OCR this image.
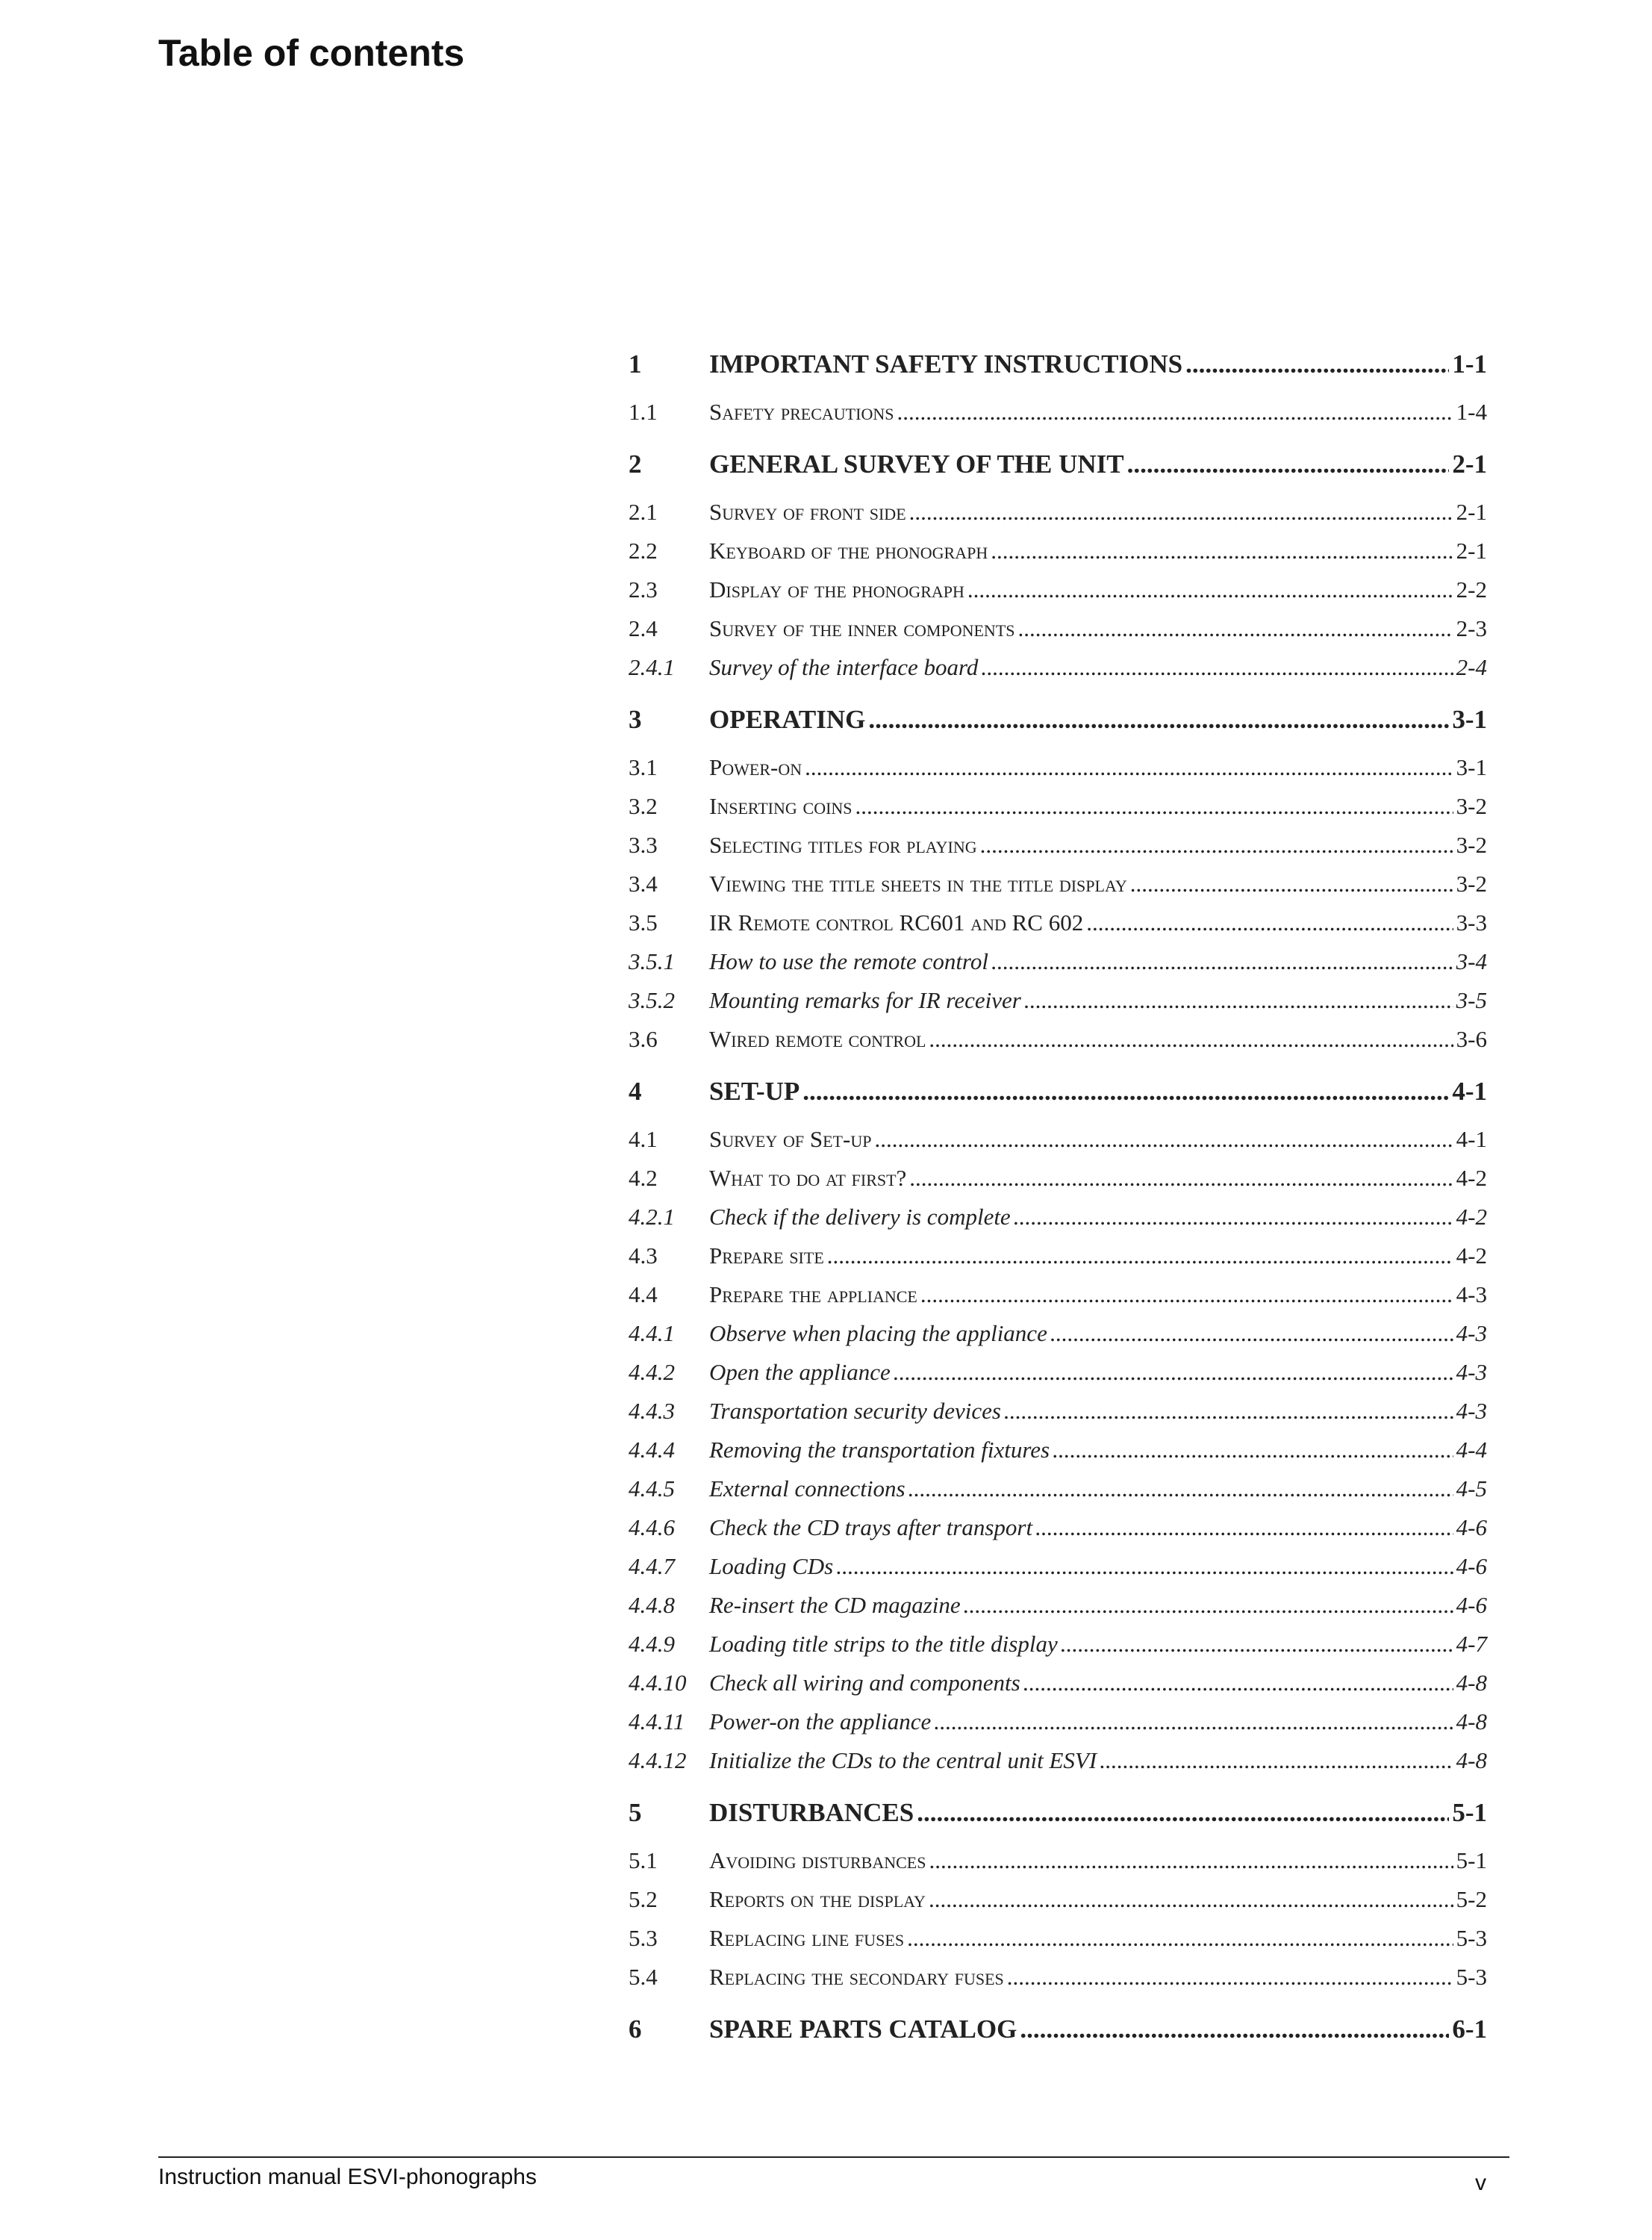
Table of contents
1	IMPORTANT SAFETY INSTRUCTIONS .....	1-1
1.1	Safety precautions .....	1-4
2	GENERAL SURVEY OF THE UNIT .....	2-1
2.1	Survey of front side .....	2-1
2.2	Keyboard of the phonograph .....	2-1
2.3	Display of the phonograph .....	2-2
2.4	Survey of the inner components .....	2-3
2.4.1	Survey of the interface board .....	2-4
3	OPERATING .....	3-1
3.1	Power-on .....	3-1
3.2	Inserting coins .....	3-2
3.3	Selecting titles for playing .....	3-2
3.4	Viewing the title sheets in the title display .....	3-2
3.5	IR Remote control RC601 and RC 602 .....	3-3
3.5.1	How to use the remote control .....	3-4
3.5.2	Mounting remarks for IR receiver .....	3-5
3.6	Wired remote control .....	3-6
4	SET-UP .....	4-1
4.1	Survey of Set-up .....	4-1
4.2	What to do at first? .....	4-2
4.2.1	Check if the delivery is complete .....	4-2
4.3	Prepare site .....	4-2
4.4	Prepare the appliance .....	4-3
4.4.1	Observe when placing the appliance .....	4-3
4.4.2	Open the appliance .....	4-3
4.4.3	Transportation security devices .....	4-3
4.4.4	Removing the transportation fixtures .....	4-4
4.4.5	External connections .....	4-5
4.4.6	Check the CD trays after transport .....	4-6
4.4.7	Loading CDs .....	4-6
4.4.8	Re-insert the CD magazine .....	4-6
4.4.9	Loading title strips to the title display .....	4-7
4.4.10 Check all wiring and components .....	4-8
4.4.11	Power-on the appliance .....	4-8
4.4.12 Initialize the CDs to the central unit ESVI .....	4-8
5	DISTURBANCES .....	5-1
5.1	Avoiding disturbances .....	5-1
5.2	Reports on the display .....	5-2
5.3	Replacing line fuses .....	5-3
5.4	Replacing the secondary fuses .....	5-3
6	SPARE PARTS CATALOG .....	6-1
Instruction manual ESVI-phonographs	v
